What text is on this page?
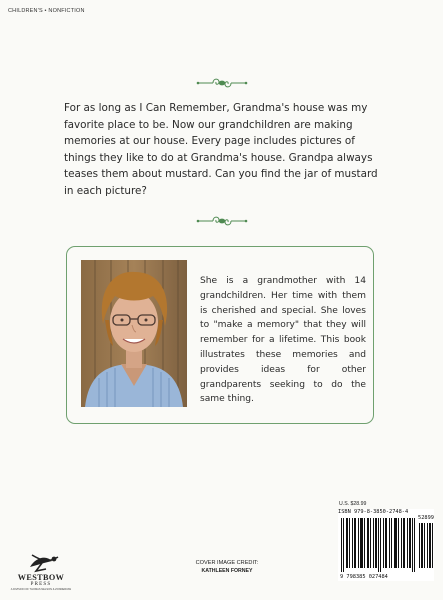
CHILDREN'S • NONFICTION

For as long as I Can Remember, Grandma's house was my favorite place to be. Now our grandchildren are making memories at our house. Every page includes pictures of things they like to do at Grandma's house. Grandpa always teases them about mustard. Can you find the jar of mustard in each picture?

She is a grandmother with 14 grandchildren. Her time with them is cherished and special. She loves to "make a memory" that they will remember for a lifetime. This book illustrates these memories and provides ideas for other grandparents seeking to do the same thing.

U.S. $28.99
ISBN 979-8-3850-2748-4
52899
9 798385 027484
COVER IMAGE CREDIT:
KATHLEEN FORNEY
WESTBOW
PRESS
A DIVISION OF THOMAS NELSON & ZONDERVAN
